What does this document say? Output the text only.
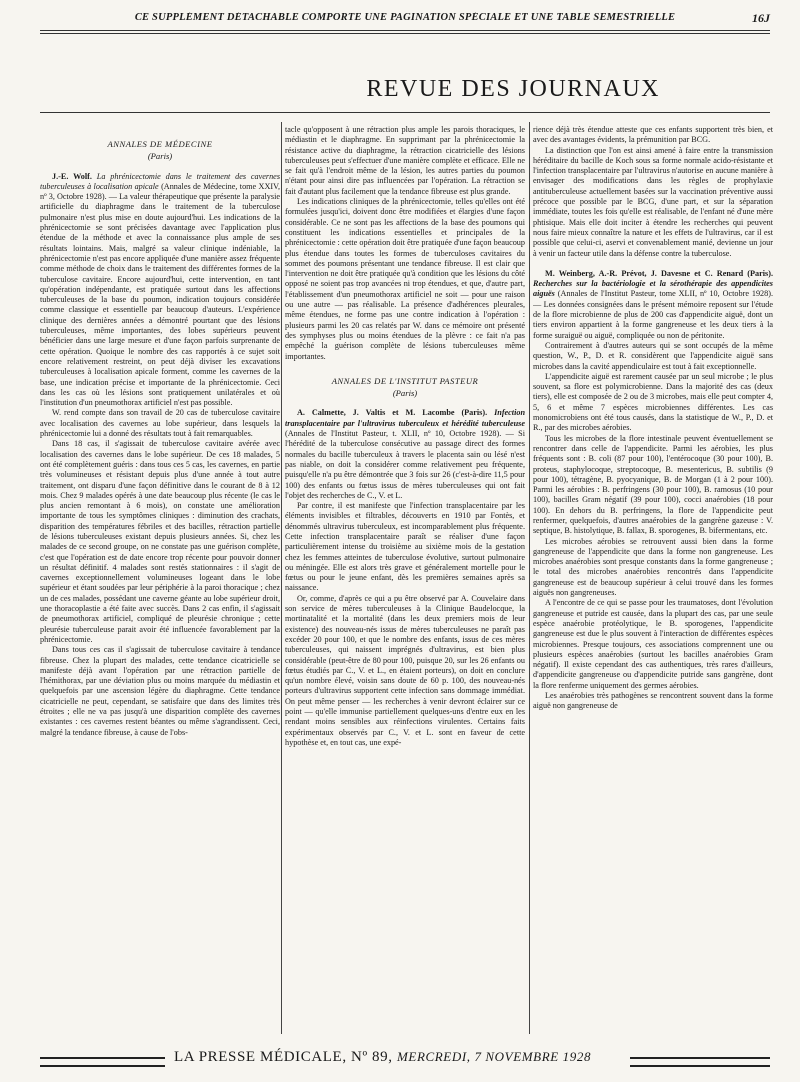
CE SUPPLÉMENT DÉTACHABLE COMPORTE UNE PAGINATION SPÉCIALE ET UNE TABLE SEMESTRIELLE	16J
REVUE DES JOURNAUX
ANNALES DE MÉDECINE
(Paris)

J.-E. Wolf. La phrénicectomie dans le traitement des cavernes tuberculeuses à localisation apicale (Annales de Médecine, tome XXIV, nº 3, Octobre 1928). — La valeur thérapeutique que présente la paralysie artificielle du diaphragme dans le traitement de la tuberculose pulmonaire n'est plus mise en doute aujourd'hui. Les indications de la phrénicectomie se sont précisées davantage avec l'application plus étendue de la méthode et avec la connaissance plus ample de ses résultats lointains. Mais, malgré sa valeur clinique indéniable, la phrénicectomie n'est pas encore appliquée d'une manière assez fréquente comme méthode de choix dans le traitement des différentes formes de la tuberculose cavitaire. Encore aujourd'hui, cette intervention, en tant qu'opération indépendante, est pratiquée surtout dans les affections tuberculeuses de la base du poumon, indication toujours considérée comme classique et essentielle par beaucoup d'auteurs. L'expérience clinique des dernières années a démontré pourtant que des lésions tuberculeuses, même importantes, des lobes supérieurs peuvent bénéficier dans une large mesure et d'une façon parfois surprenante de cette opération. Quoique le nombre des cas rapportés à ce sujet soit encore relativement restreint, on peut déjà diviser les excavations tuberculeuses à localisation apicale forment, comme les cavernes de la base, une indication précise et importante de la phrénicectomie. Ceci dans les cas où les lésions sont pratiquement unilatérales et où l'institution d'un pneumothorax artificiel n'est pas possible.

W. rend compte dans son travail de 20 cas de tuberculose cavitaire avec localisation des cavernes au lobe supérieur, dans lesquels la phrénicectomie lui a donné des résultats tout à fait remarquables.

Dans 18 cas, il s'agissait de tuberculose cavitaire avérée avec localisation des cavernes dans le lobe supérieur. De ces 18 malades, 5 ont été complètement guéris : dans tous ces 5 cas, les cavernes, en partie très volumineuses et résistant depuis plus d'une année à tout autre traitement, ont disparu d'une façon définitive dans le courant de 8 à 12 mois. Chez 9 malades opérés à une date beaucoup plus récente (le cas le plus ancien remontant à 6 mois), on constate une amélioration importante de tous les symptômes cliniques : diminution des crachats, disparition des températures fébriles et des bacilles, rétraction partielle de lésions tuberculeuses existant depuis plusieurs années. Si, chez les malades de ce second groupe, on ne constate pas une guérison complète, c'est que l'opération est de date encore trop récente pour pouvoir donner un résultat définitif. 4 malades sont restés stationnaires : il s'agit de cavernes exceptionnellement volumineuses logeant dans le lobe supérieur et étant soudées par leur périphérie à la paroi thoracique ; chez un de ces malades, possédant une caverne géante au lobe supérieur droit, une thoracoplastie a été faite avec succès. Dans 2 cas enfin, il s'agissait de pneumothorax artificiel, compliqué de pleurésie chronique ; cette pleurésie tuberculeuse parait avoir été influencée favorablement par la phrénicectomie.

Dans tous ces cas il s'agissait de tuberculose cavitaire à tendance fibreuse. Chez la plupart des malades, cette tendance cicatricielle se manifeste déjà avant l'opération par une rétraction partielle de l'hémithorax, par une déviation plus ou moins marquée du médiastin et quelquefois par une ascension légère du diaphragme. Cette tendance cicatricielle ne peut, cependant, se satisfaire que dans des limites très étroites ; elle ne va pas jusqu'à une disparition complète des cavernes existantes : ces cavernes restent béantes ou même s'agrandissent. Ceci, malgré la tendance fibreuse, à cause de l'obs-

tacle qu'opposent à une rétraction plus ample les parois thoraciques, le médiastin et le diaphragme. En supprimant par la phrénicectomie la résistance active du diaphragme, la rétraction cicatricielle des lésions tuberculeuses peut s'effectuer d'une manière complète et efficace. Elle ne se fait qu'à l'endroit même de la lésion, les autres parties du poumon n'étant pour ainsi dire pas influencées par l'opération. La rétraction se fait d'autant plus facilement que la tendance fibreuse est plus grande.

Les indications cliniques de la phrénicectomie, telles qu'elles ont été formulées jusqu'ici, doivent donc être modifiées et élargies d'une façon considérable. Ce ne sont pas les affections de la base des poumons qui constituent les indications essentielles et principales de la phrénicectomie : cette opération doit être pratiquée d'une façon beaucoup plus étendue dans toutes les formes de tuberculoses cavitaires du sommet des poumons présentant une tendance fibreuse. Il est clair que l'intervention ne doit être pratiquée qu'à condition que les lésions du côté opposé ne soient pas trop avancées ni trop étendues, et que, d'autre part, l'établissement d'un pneumothorax artificiel ne soit — pour une raison ou une autre — pas réalisable. La présence d'adhérences pleurales, même étendues, ne forme pas une contre indication à l'opération : plusieurs parmi les 20 cas relatés par W. dans ce mémoire ont présenté des symphyses plus ou moins étendues de la plèvre : ce fait n'a pas empêché la guérison complète de lésions tuberculeuses même importantes.

ANNALES DE L'INSTITUT PASTEUR
(Paris)

A. Calmette, J. Valtis et M. Lacombe (Paris). Infection transplacentaire par l'ultravirus tuberculeux et hérédité tuberculeuse (Annales de l'Institut Pasteur, t. XLII, nº 10, Octobre 1928). — Si l'hérédité de la tuberculose consécutive au passage direct des formes normales du bacille tuberculeux à travers le placenta sain ou lésé n'est pas niable, on doit la considérer comme relativement peu fréquente, puisqu'elle n'a pu être démontrée que 3 fois sur 26 (c'est-à-dire 11,5 pour 100) des enfants ou fœtus issus de mères tuberculeuses qui ont fait l'objet des recherches de C., V. et L.

Par contre, il est manifeste que l'infection transplacentaire par les éléments invisibles et filtrables, découverts en 1910 par Fontès, et dénommés ultravirus tuberculeux, est incomparablement plus fréquente. Cette infection transplacentaire paraît se réaliser d'une façon particulièrement intense du troisième au sixième mois de la gestation chez les femmes atteintes de tuberculose évolutive, surtout pulmonaire ou méningée. Elle est alors très grave et généralement mortelle pour le fœtus ou pour le jeune enfant, dès les premières semaines après sa naissance.

Or, comme, d'après ce qui a pu être observé par A. Couvelaire dans son service de mères tuberculeuses à la Clinique Baudelocque, la mortinatalité et la mortalité (dans les deux premiers mois de leur existence) des nouveau-nés issus de mères tuberculeuses ne paraît pas excéder 20 pour 100, et que le nombre des enfants, issus de ces mères tuberculeuses, qui naissent imprégnés d'ultravirus, est bien plus considérable (peut-être de 80 pour 100, puisque 20, sur les 26 enfants ou fœtus étudiés par C., V. et L., en étaient porteurs), on doit en conclure qu'un nombre élevé, voisin sans doute de 60 p. 100, des nouveau-nés porteurs d'ultravirus supportent cette infection sans dommage immédiat. On peut même penser — les recherches à venir devront éclairer sur ce point — qu'elle immunise partiellement quelques-uns d'entre eux en les rendant moins sensibles aux réinfections virulentes. Certains faits expérimentaux observés par C., V. et L. sont en faveur de cette hypothèse et, en tout cas, une expé-

rience déjà très étendue atteste que ces enfants supportent très bien, et avec des avantages évidents, la prémunition par BCG.

La distinction que l'on est ainsi amené à faire entre la transmission héréditaire du bacille de Koch sous sa forme normale acido-résistante et l'infection transplacentaire par l'ultravirus n'autorise en aucune manière à envisager des modifications dans les règles de prophylaxie antituberculeuse actuellement basées sur la vaccination préventive aussi précoce que possible par le BCG, d'une part, et sur la séparation immédiate, toutes les fois qu'elle est réalisable, de l'enfant né d'une mère phtisique. Mais elle doit inciter à étendre les recherches qui peuvent nous faire mieux connaître la nature et les effets de l'ultravirus, car il est possible que celui-ci, aservi et convenablement manié, devienne un jour à venir un facteur utile dans la défense contre la tuberculose.

M. Weinberg, A.-R. Prévot, J. Davesne et C. Renard (Paris). Recherches sur la bactériologie et la sérothérapie des appendicites aiguës (Annales de l'Institut Pasteur, tome XLII, nº 10, Octobre 1928). — Les données consignées dans le présent mémoire reposent sur l'étude de la flore microbienne de plus de 200 cas d'appendicite aiguë, dont un tiers environ appartient à la forme gangreneuse et les deux tiers à la forme suraiguë ou aiguë, compliquée ou non de péritonite.

Contrairement à d'autres auteurs qui se sont occupés de la même question, W., P., D. et R. considèrent que l'appendicite aiguë sans microbes dans la cavité appendiculaire est tout à fait exceptionnelle.

L'appendicite aiguë est rarement causée par un seul microbe ; le plus souvent, sa flore est polymicrobienne. Dans la majorité des cas (deux tiers), elle est composée de 2 ou de 3 microbes, mais elle peut compter 4, 5, 6 et même 7 espèces microbiennes différentes. Les cas monomicrobiens ont été tous causés, dans la statistique de W., P., D. et R., par des microbes aérobies.

Tous les microbes de la flore intestinale peuvent éventuellement se rencontrer dans celle de l'appendicite. Parmi les aérobies, les plus fréquents sont : B. coli (87 pour 100), l'entérocoque (30 pour 100), B. proteus, staphylocoque, streptocoque, B. mesentericus, B. subtilis (9 pour 100), tétragène, B. pyocyanique, B. de Morgan (1 à 2 pour 100). Parmi les aérobies : B. perfringens (30 pour 100), B. ramosus (10 pour 100), bacilles Gram négatif (39 pour 100), cocci anaérobies (18 pour 100). En dehors du B. perfringens, la flore de l'appendicite peut renfermer, quelquefois, d'autres anaérobies de la gangrène gazeuse : V. septique, B. histolytique, B. fallax, B. sporogenes, B. bifermentans, etc.

Les microbes aérobies se retrouvent aussi bien dans la forme gangreneuse de l'appendicite que dans la forme non gangreneuse. Les microbes anaérobies sont presque constants dans la forme gangreneuse ; le total des microbes anaérobies rencontrés dans l'appendicite gangreneuse est de beaucoup supérieur à celui trouvé dans les formes aiguës non gangreneuses.

A l'encontre de ce qui se passe pour les traumatoses, dont l'évolution gangreneuse et putride est causée, dans la plupart des cas, par une seule espèce anaérobie protéolytique, le B. sporogenes, l'appendicite gangreneuse est due le plus souvent à l'interaction de différentes espèces microbiennes. Presque toujours, ces associations comprennent une ou plusieurs espèces anaérobies (surtout les bacilles anaérobies Gram négatif). Il existe cependant des cas authentiques, très rares d'ailleurs, d'appendicite gangreneuse ou d'appendicite putride sans gangrène, dont la flore renferme uniquement des germes aérobies.

Les anaérobies très pathogènes se rencontrent souvent dans la forme aiguë non gangreneuse de

LA PRESSE MÉDICALE, Nº 89, MERCREDI, 7 NOVEMBRE 1928
